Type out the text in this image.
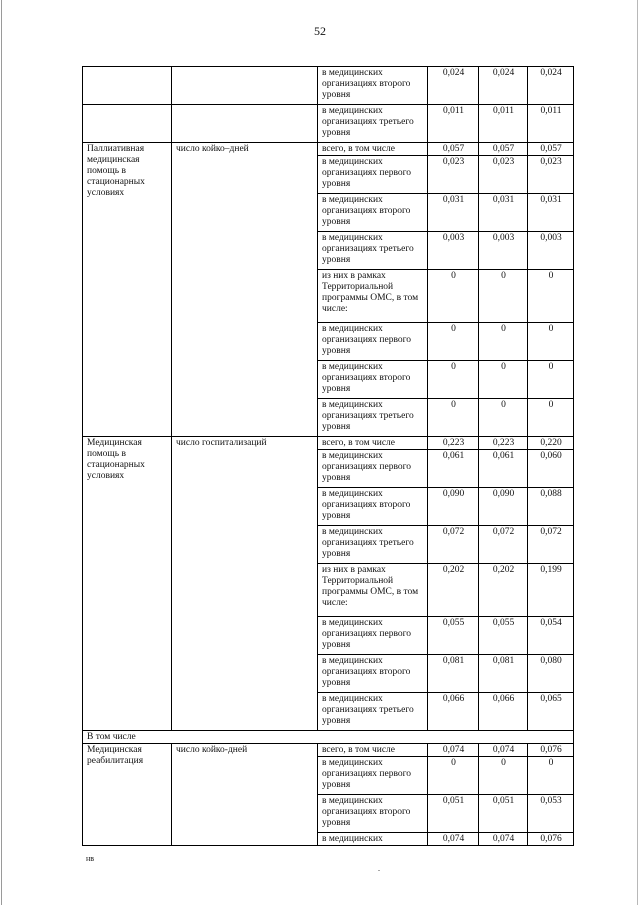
52
		в медицинских организациях второго уровня	0,024	0,024	0,024
		в медицинских организациях третьего уровня	0,011	0,011	0,011
Паллиативная медицинская помощь в стационарных условиях	число койко–дней	всего, в том числе	0,057	0,057	0,057
		в медицинских организациях первого уровня	0,023	0,023	0,023
		в медицинских организациях второго уровня	0,031	0,031	0,031
		в медицинских организациях третьего уровня	0,003	0,003	0,003
		из них в рамках Территориальной программы ОМС, в том числе:	0	0	0
		в медицинских организациях первого уровня	0	0	0
		в медицинских организациях второго уровня	0	0	0
		в медицинских организациях третьего уровня	0	0	0
Медицинская помощь в стационарных условиях	число госпитализаций	всего, в том числе	0,223	0,223	0,220
		в медицинских организациях первого уровня	0,061	0,061	0,060
		в медицинских организациях второго уровня	0,090	0,090	0,088
		в медицинских организациях третьего уровня	0,072	0,072	0,072
		из них в рамках Территориальной программы ОМС, в том числе:	0,202	0,202	0,199
		в медицинских организациях первого уровня	0,055	0,055	0,054
		в медицинских организациях второго уровня	0,081	0,081	0,080
		в медицинских организациях третьего уровня	0,066	0,066	0,065
В том числе					
Медицинская реабилитация	число койко-дней	всего, в том числе	0,074	0,074	0,076
		в медицинских организациях первого уровня	0	0	0
		в медицинских организациях второго уровня	0,051	0,051	0,053
		в медицинских	0,074	0,074	0,076
нв
.
